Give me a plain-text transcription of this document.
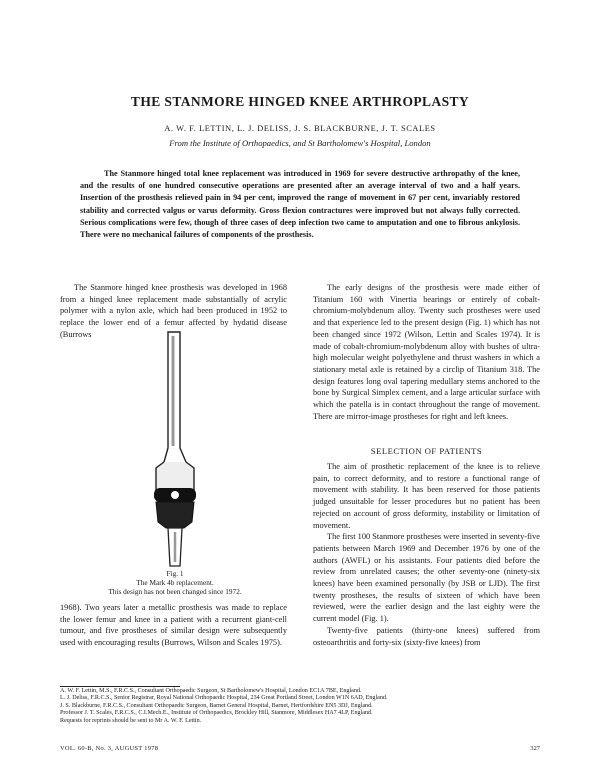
THE STANMORE HINGED KNEE ARTHROPLASTY
A. W. F. LETTIN, L. J. DELISS, J. S. BLACKBURNE, J. T. SCALES
From the Institute of Orthopaedics, and St Bartholomew's Hospital, London

The Stanmore hinged total knee replacement was introduced in 1969 for severe destructive arthropathy of the knee, and the results of one hundred consecutive operations are presented after an average interval of two and a half years. Insertion of the prosthesis relieved pain in 94 per cent, improved the range of movement in 67 per cent, invariably restored stability and corrected valgus or varus deformity. Gross flexion contractures were improved but not always fully corrected. Serious complications were few, though of three cases of deep infection two came to amputation and one to fibrous ankylosis. There were no mechanical failures of components of the prosthesis.

The Stanmore hinged knee prosthesis was developed in 1968 from a hinged knee replacement made substantially of acrylic polymer with a nylon axle, which had been produced in 1952 to replace the lower end of a femur affected by hydatid disease (Burrows

Fig. 1
The Mark 4b replacement.
This design has not been changed since 1972.

1968). Two years later a metallic prosthesis was made to replace the lower femur and knee in a patient with a recurrent giant-cell tumour, and five prostheses of similar design were subsequently used with encouraging results (Burrows, Wilson and Scales 1975).

The early designs of the prosthesis were made either of Titanium 160 with Vinertia bearings or entirely of cobalt-chromium-molybdenum alloy. Twenty such prostheses were used and that experience led to the present design (Fig. 1) which has not been changed since 1972 (Wilson, Lettin and Scales 1974). It is made of cobalt-chromium-molybdenum alloy with bushes of ultra-high molecular weight polyethylene and thrust washers in which a stationary metal axle is retained by a circlip of Titanium 318. The design features long oval tapering medullary stems anchored to the bone by Surgical Simplex cement, and a large articular surface with which the patella is in contact throughout the range of movement. There are mirror-image prostheses for right and left knees.

SELECTION OF PATIENTS

The aim of prosthetic replacement of the knee is to relieve pain, to correct deformity, and to restore a functional range of movement with stability. It has been reserved for those patients judged unsuitable for lesser procedures but no patient has been rejected on account of gross deformity, instability or limitation of movement.

The first 100 Stanmore prostheses were inserted in seventy-five patients between March 1969 and December 1976 by one of the authors (AWFL) or his assistants. Four patients died before the review from unrelated causes; the other seventy-one (ninety-six knees) have been examined personally (by JSB or LJD). The first twenty prostheses, the results of sixteen of which have been reviewed, were the earlier design and the last eighty were the current model (Fig. 1).

Twenty-five patients (thirty-one knees) suffered from osteoarthritis and forty-six (sixty-five knees) from

A. W. F. Lettin, M.S., F.R.C.S., Consultant Orthopaedic Surgeon, St Bartholomew's Hospital, London EC1A 7BE, England.

L. J. Deliss, F.R.C.S., Senior Registrar, Royal National Orthopaedic Hospital, 234 Great Portland Street, London W1N 6AD, England.

J. S. Blackburne, F.R.C.S., Consultant Orthopaedic Surgeon, Barnet General Hospital, Barnet, Hertfordshire EN5 3DJ, England.

Professor J. T. Scales, F.R.C.S., C.I.Mech.E., Institute of Orthopaedics, Brockley Hill, Stanmore, Middlesex HA7 4LP, England.

Requests for reprints should be sent to Mr A. W. F. Lettin.

VOL. 60-B, No. 3, AUGUST 1978	327
